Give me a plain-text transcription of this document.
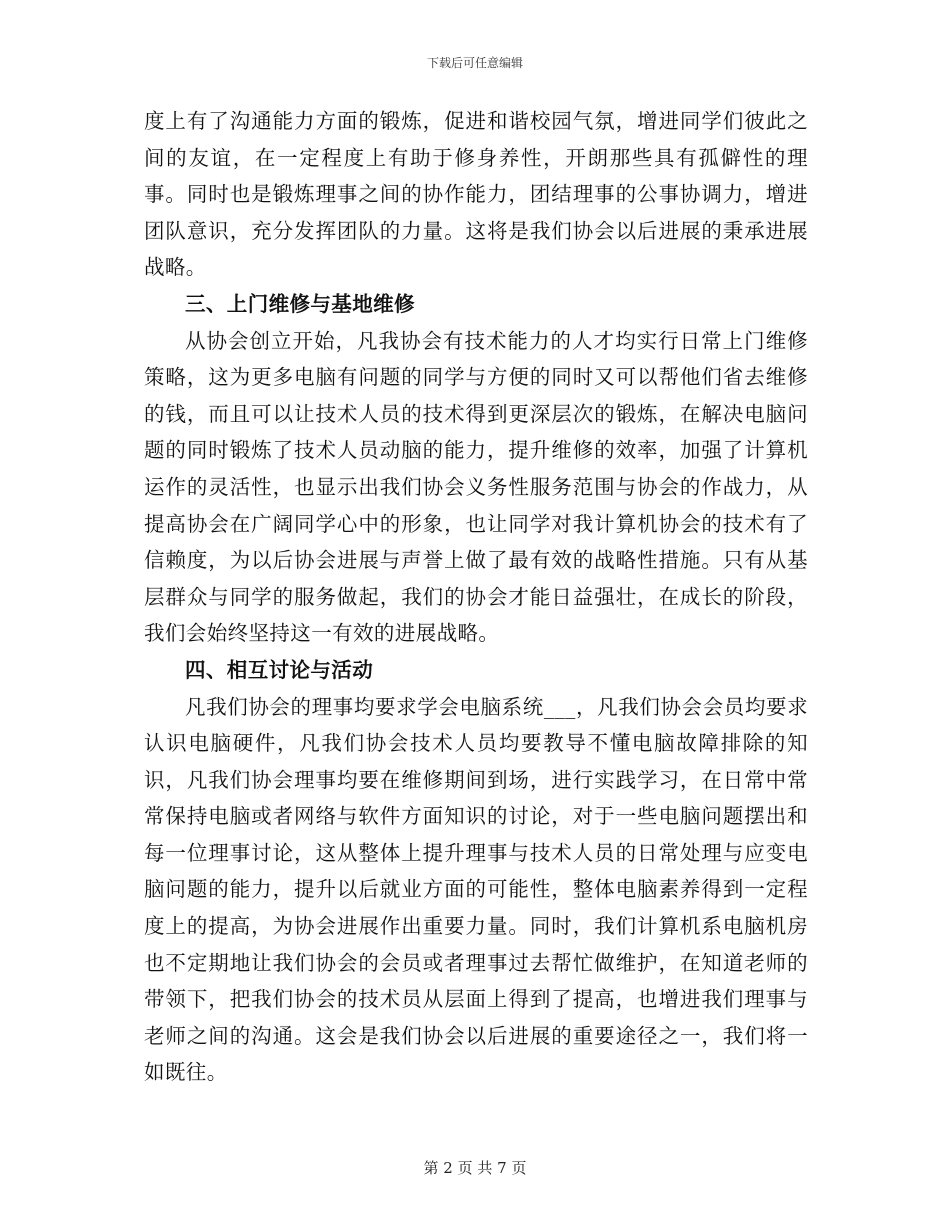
下载后可任意编辑

度上有了沟通能力方面的锻炼，促进和谐校园气氛，增进同学们彼此之间的友谊，在一定程度上有助于修身养性，开朗那些具有孤僻性的理事。同时也是锻炼理事之间的协作能力，团结理事的公事协调力，增进团队意识，充分发挥团队的力量。这将是我们协会以后进展的秉承进展战略。

三、上门维修与基地维修

从协会创立开始，凡我协会有技术能力的人才均实行日常上门维修策略，这为更多电脑有问题的同学与方便的同时又可以帮他们省去维修的钱，而且可以让技术人员的技术得到更深层次的锻炼，在解决电脑问题的同时锻炼了技术人员动脑的能力，提升维修的效率，加强了计算机运作的灵活性，也显示出我们协会义务性服务范围与协会的作战力，从提高协会在广阔同学心中的形象，也让同学对我计算机协会的技术有了信赖度，为以后协会进展与声誉上做了最有效的战略性措施。只有从基层群众与同学的服务做起，我们的协会才能日益强壮，在成长的阶段，我们会始终坚持这一有效的进展战略。

四、相互讨论与活动

凡我们协会的理事均要求学会电脑系统___，凡我们协会会员均要求认识电脑硬件，凡我们协会技术人员均要教导不懂电脑故障排除的知识，凡我们协会理事均要在维修期间到场，进行实践学习，在日常中常常保持电脑或者网络与软件方面知识的讨论，对于一些电脑问题摆出和每一位理事讨论，这从整体上提升理事与技术人员的日常处理与应变电脑问题的能力，提升以后就业方面的可能性，整体电脑素养得到一定程度上的提高，为协会进展作出重要力量。同时，我们计算机系电脑机房也不定期地让我们协会的会员或者理事过去帮忙做维护，在知道老师的带领下，把我们协会的技术员从层面上得到了提高，也增进我们理事与老师之间的沟通。这会是我们协会以后进展的重要途径之一，我们将一如既往。

第 2 页 共 7 页
